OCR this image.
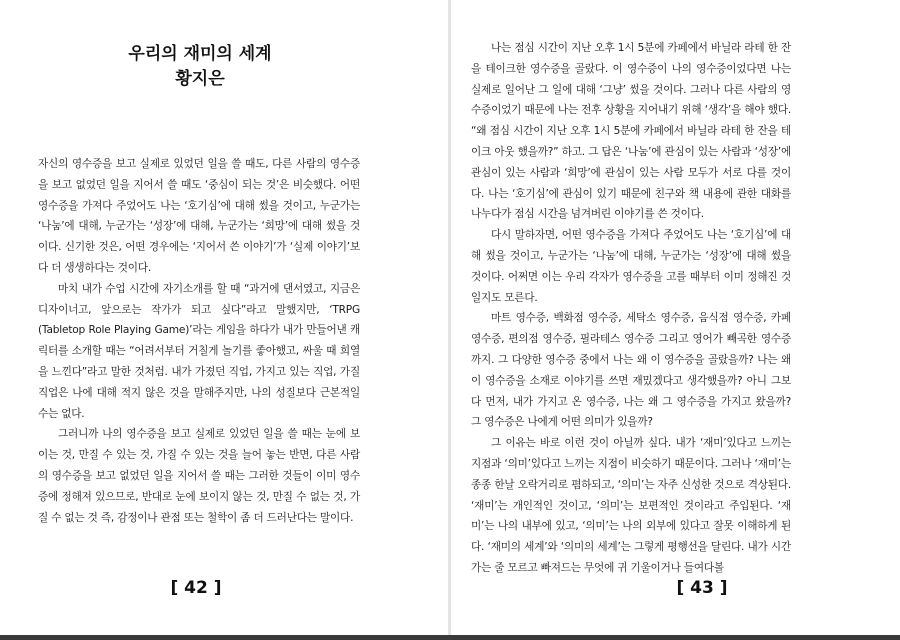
우리의 재미의 세계
황지은

자신의 영수증을 보고 실제로 있었던 일을 쓸 때도, 다른 사람의 영수증을 보고 없었던 일을 지어서 쓸 때도 ‘중심이 되는 것’은 비슷했다. 어떤 영수증을 가져다 주었어도 나는 ‘호기심’에 대해 썼을 것이고, 누군가는 ‘나눔’에 대해, 누군가는 ‘성장’에 대해, 누군가는 ‘희망’에 대해 썼을 것이다. 신기한 것은, 어떤 경우에는 ‘지어서 쓴 이야기’가 ‘실제 이야기’보다 더 생생하다는 것이다.

마치 내가 수업 시간에 자기소개를 할 때 “과거에 댄서였고, 지금은 디자이너고, 앞으로는 작가가 되고 싶다”라고 말했지만, ‘TRPG (Tabletop Role Playing Game)’라는 게임을 하다가 내가 만들어낸 캐릭터를 소개할 때는 “어려서부터 거칠게 놀기를 좋아했고, 싸울 때 희열을 느낀다”라고 말한 것처럼. 내가 가졌던 직업, 가지고 있는 직업, 가질 직업은 나에 대해 적지 않은 것을 말해주지만, 나의 성질보다 근본적일 수는 없다.

그러니까 나의 영수증을 보고 실제로 있었던 일을 쓸 때는 눈에 보이는 것, 만질 수 있는 것, 가질 수 있는 것을 늘어 놓는 반면, 다른 사람의 영수증을 보고 없었던 일을 지어서 쓸 때는 그러한 것들이 이미 영수증에 정해져 있으므로, 반대로 눈에 보이지 않는 것, 만질 수 없는 것, 가질 수 없는 것 즉, 감정이나 관점 또는 철학이 좀 더 드러난다는 말이다.

[ 42 ]

나는 점심 시간이 지난 오후 1시 5분에 카페에서 바닐라 라테 한 잔을 테이크한 영수증을 골랐다. 이 영수증이 나의 영수증이었다면 나는 실제로 일어난 그 일에 대해 ‘그냥’ 썼을 것이다. 그러나 다른 사람의 영수증이었기 때문에 나는 전후 상황을 지어내기 위해 ‘생각’을 해야 했다. “왜 점심 시간이 지난 오후 1시 5분에 카페에서 바닐라 라테 한 잔을 테이크 아웃 했을까?” 하고. 그 답은 ‘나눔’에 관심이 있는 사람과 ‘성장’에 관심이 있는 사람과 ‘희망’에 관심이 있는 사람 모두가 서로 다를 것이다. 나는 ‘호기심’에 관심이 있기 때문에 친구와 책 내용에 관한 대화를 나누다가 점심 시간을 넘겨버린 이야기를 쓴 것이다.

다시 말하자면, 어떤 영수증을 가져다 주었어도 나는 ‘호기심’에 대해 썼을 것이고, 누군가는 ‘나눔’에 대해, 누군가는 ‘성장’에 대해 썼을 것이다. 어쩌면 이는 우리 각자가 영수증을 고를 때부터 이미 정해진 것일지도 모른다.

마트 영수증, 백화점 영수증, 세탁소 영수증, 음식점 영수증, 카페 영수증, 편의점 영수증, 필라테스 영수증 그리고 영어가 빼곡한 영수증까지. 그 다양한 영수증 중에서 나는 왜 이 영수증을 골랐을까? 나는 왜 이 영수증을 소재로 이야기를 쓰면 재밌겠다고 생각했을까? 아니 그보다 먼저, 내가 가지고 온 영수증, 나는 왜 그 영수증을 가지고 왔을까? 그 영수증은 나에게 어떤 의미가 있을까?

그 이유는 바로 이런 것이 아닐까 싶다. 내가 ‘재미’있다고 느끼는 지점과 ‘의미’있다고 느끼는 지점이 비슷하기 때문이다. 그러나 ‘재미’는 종종 한날 오락거리로 폄하되고, ‘의미’는 자주 신성한 것으로 격상된다. ‘재미’는 개인적인 것이고, ‘의미’는 보편적인 것이라고 주입된다. ‘재미’는 나의 내부에 있고, ‘의미’는 나의 외부에 있다고 잘못 이해하게 된다. ‘재미의 세계’와 ‘의미의 세계’는 그렇게 평행선을 달린다. 내가 시간 가는 줄 모르고 빠져드는 무엇에 귀 기울이거나 들여다볼

[ 43 ]
